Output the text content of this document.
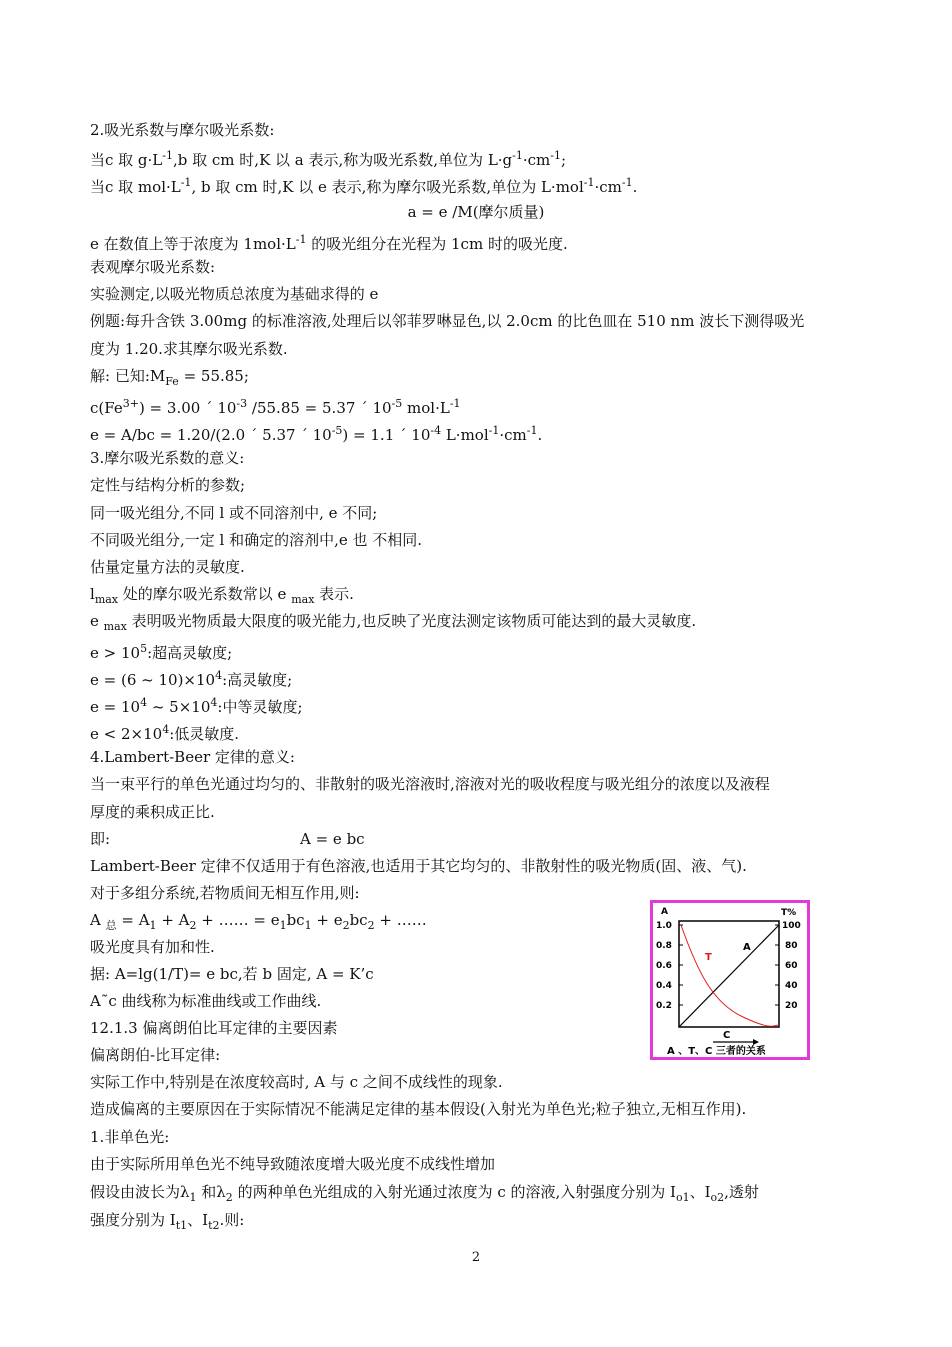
2.吸光系数与摩尔吸光系数:
当c 取 $g\cdot L^{-1},b$ 取 cm 时,K 以 a 表示,称为吸光系数,单位为 $L\cdot g^{-1}\cdot cm^{-1}$;
当c 取 $mol\cdot L^{-1}$, b 取 cm 时,K 以 e 表示,称为摩尔吸光系数,单位为 $L\cdot mol^{-1}\cdot cm^{-1}$.
a = e /M(摩尔质量)
e 在数值上等于浓度为 $1mol\cdot L^{-1}$ 的吸光组分在光程为 1cm 时的吸光度.
表观摩尔吸光系数:
实验测定,以吸光物质总浓度为基础求得的 e
例题:每升含铁 3.00mg 的标准溶液,处理后以邻菲罗啉显色,以 2.0cm 的比色皿在 510 nm 波长下测得吸光
度为 1.20.求其摩尔吸光系数.
解: 已知$:M_{Fe} = 55.85$;
$c(Fe^{3+}) = 3.00$ ´ $10^{-3}$ /55.85 = 5.37 ´ $10^{-5}$ $mol\cdot L^{-1}$
e = A/bc = 1.20/(2.0 ´ 5.37 ´ $10^{-5}) = 1.1$ ´ $10^{-4}$ $L\cdot mol^{-1}\cdot cm^{-1}$.
3.摩尔吸光系数的意义:
定性与结构分析的参数;
同一吸光组分,不同 l 或不同溶剂中, e 不同;
不同吸光组分,一定 l 和确定的溶剂中,e 也 不相同.
估量定量方法的灵敏度.
$l_{max}$ 处的摩尔吸光系数常以 e $_{max}$ 表示.
e $_{max}$ 表明吸光物质最大限度的吸光能力,也反映了光度法测定该物质可能达到的最大灵敏度.
$e > 10^5$:超高灵敏度;
e = (6 ~ $10)\times 10^4$:高灵敏度;
$e = 10^4$ ~ $5\times 10^4$:中等灵敏度;
$e < 2\times 10^4$:低灵敏度.
4.Lambert-Beer 定律的意义:
当一束平行的单色光通过均匀的、非散射的吸光溶液时,溶液对光的吸收程度与吸光组分的浓度以及液程
厚度的乘积成正比.
即:	A = e bc
Lambert-Beer 定律不仅适用于有色溶液,也适用于其它均匀的、非散射性的吸光物质(固、液、气).
对于多组分系统,若物质间无相互作用,则:
A $_总 = A_1 + A_2$ + …… = $e_1bc_1 + e_2bc_2$ + ……
吸光度具有加和性.
据: A=lg(1/T)= e bc,若 b 固定, A = K’c
A˜c 曲线称为标准曲线或工作曲线.
12.1.3 偏离朗伯比耳定律的主要因素
偏离朗伯-比耳定律:
实际工作中,特别是在浓度较高时, A 与 c 之间不成线性的现象.
造成偏离的主要原因在于实际情况不能满足定律的基本假设(入射光为单色光;粒子独立,无相互作用).
1.非单色光:
由于实际所用单色光不纯导致随浓度增大吸光度不成线性增加
假设由波长为$\lambda_1$ 和$\lambda_2$ 的两种单色光组成的入射光通过浓度为 c 的溶液,入射强度分别为 $I_{o1}$、$I_{o2}$,透射
强度分别为 $I_{t1}$、$I_{t2}$.则:
A	T%
1.0
0.8
0.6
0.4
0.2
100
80
60
40
20
A
T
C
A 、T、C 三者的关系
2
